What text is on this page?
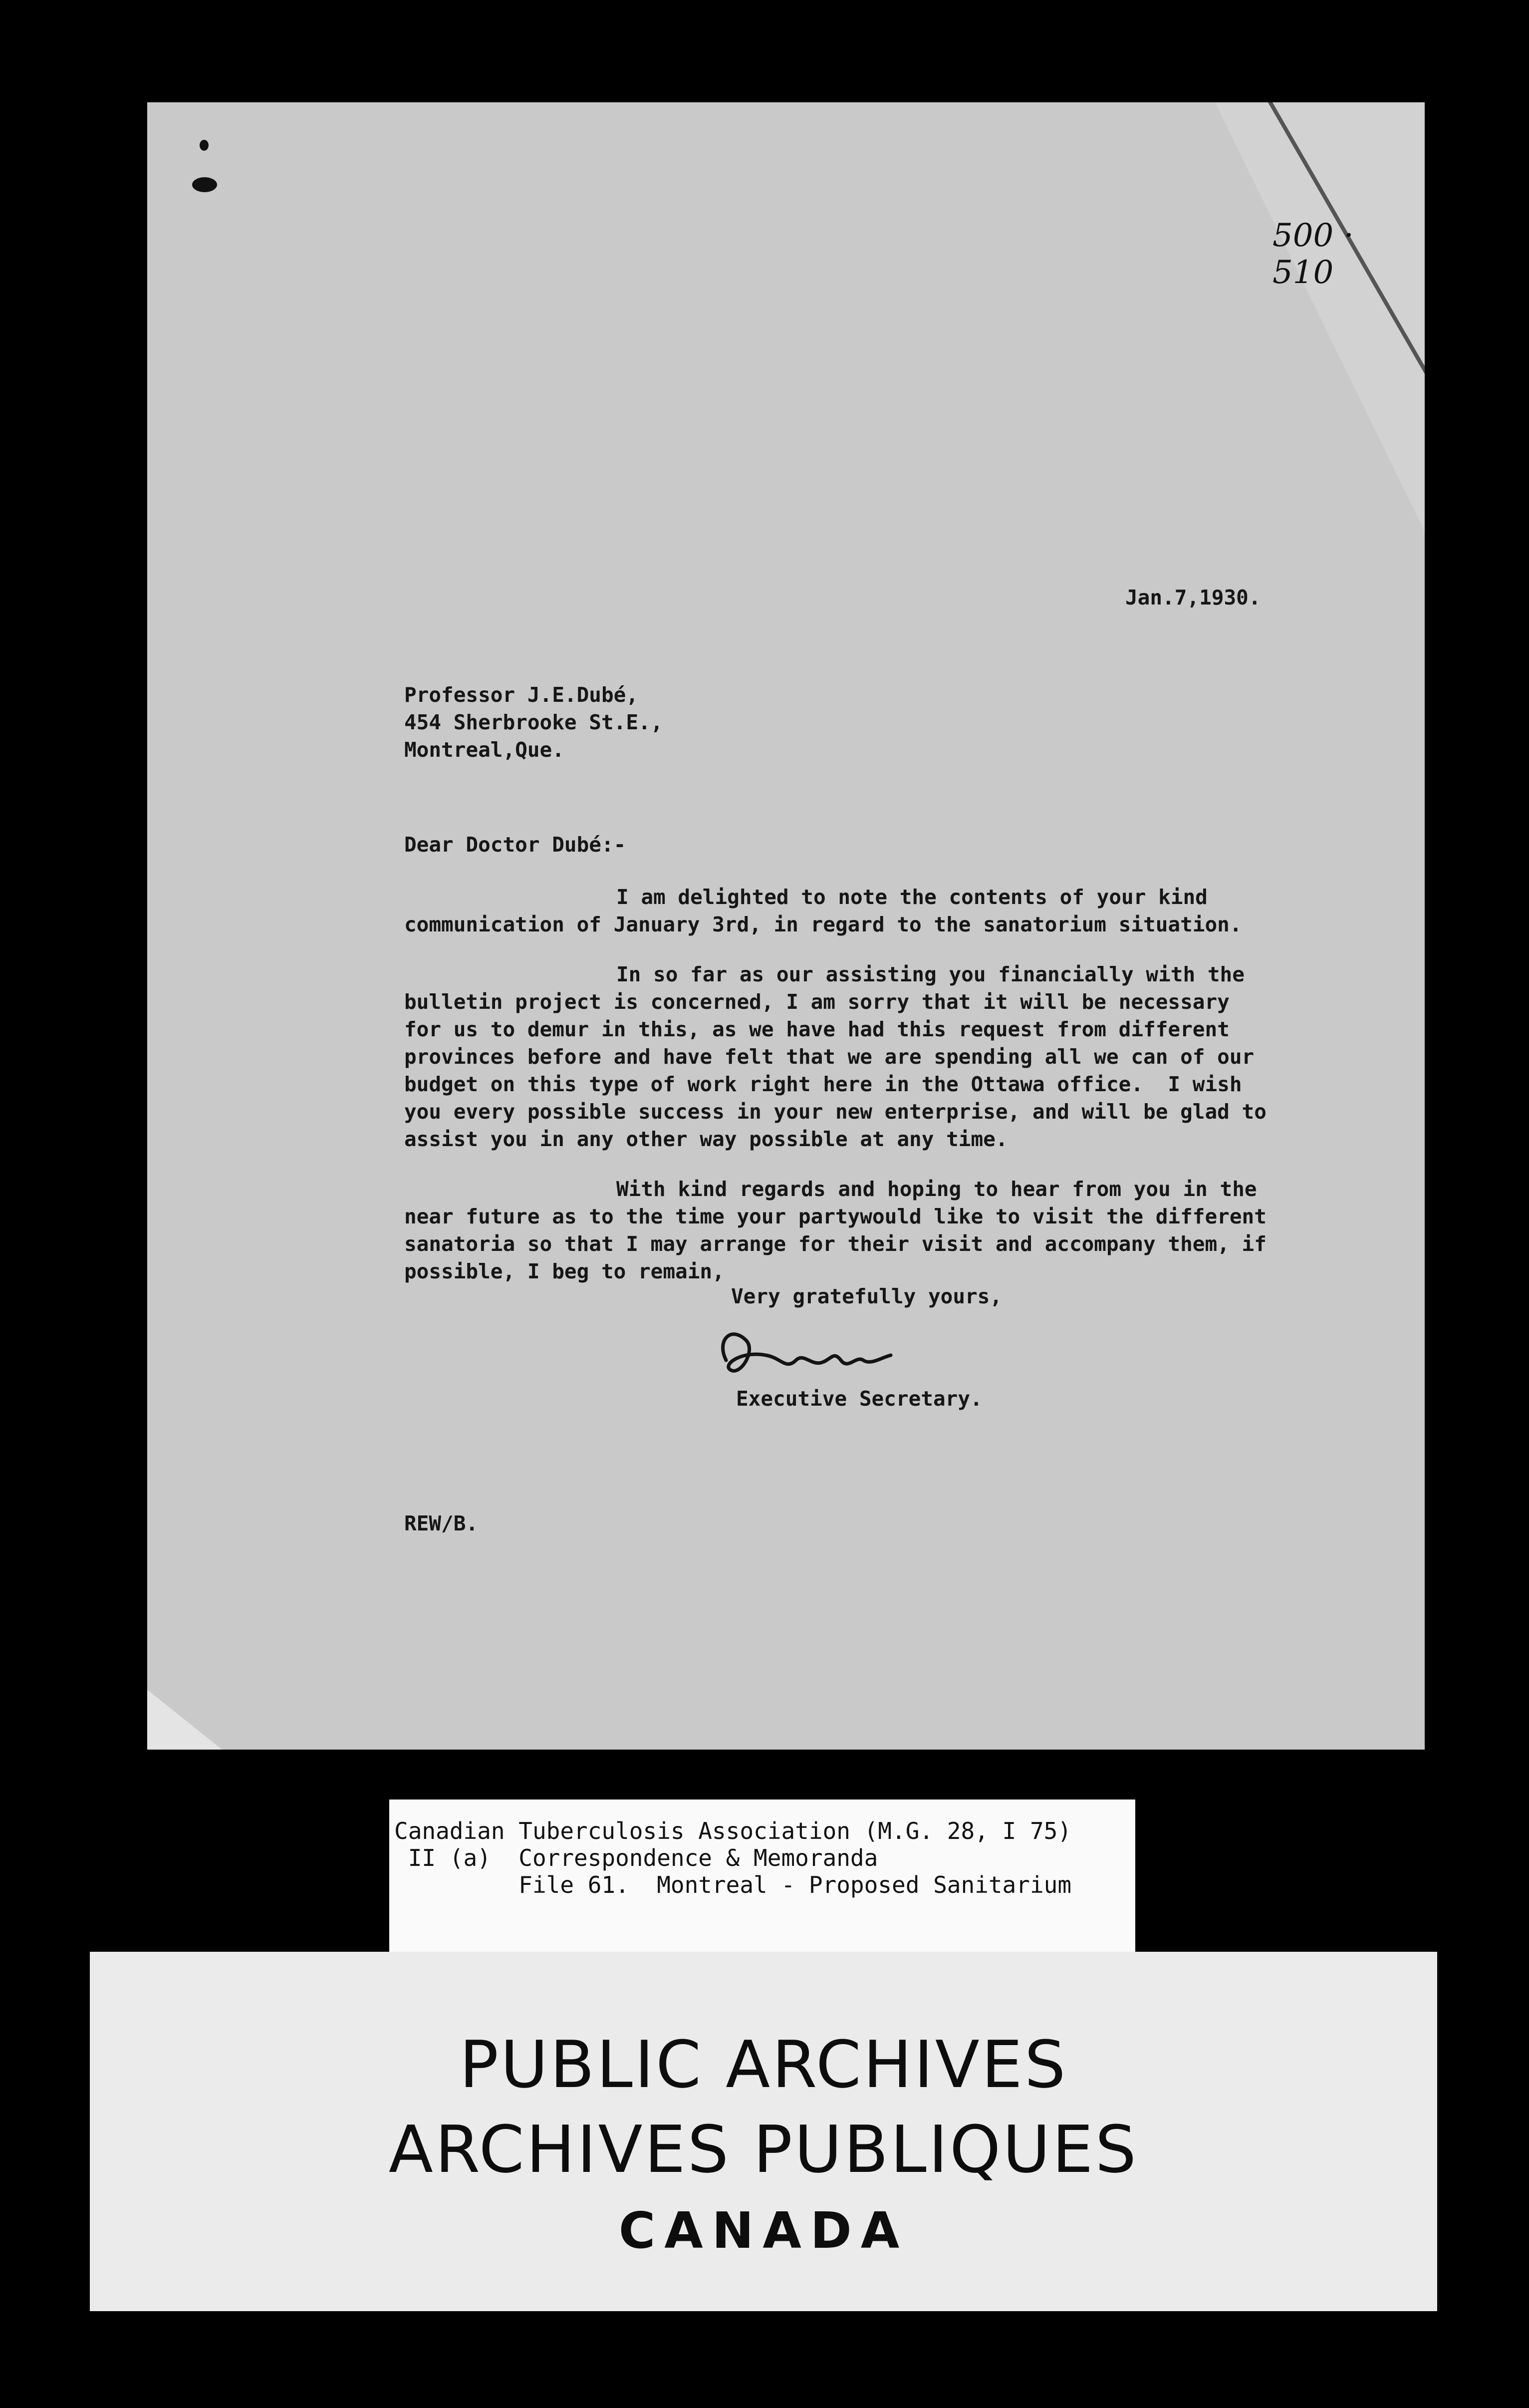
500 · 510
Jan.7,1930.
Professor J.E.Dubé,
454 Sherbrooke St.E.,
Montreal,Que.
Dear Doctor Dubé:-
I am delighted to note the contents of your kind
communication of January 3rd, in regard to the sanatorium situation.
In so far as our assisting you financially with the
bulletin project is concerned, I am sorry that it will be necessary
for us to demur in this, as we have had this request from different
provinces before and have felt that we are spending all we can of our
budget on this type of work right here in the Ottawa office.  I wish
you every possible success in your new enterprise, and will be glad to
assist you in any other way possible at any time.
With kind regards and hoping to hear from you in the
near future as to the time your partywould like to visit the different
sanatoria so that I may arrange for their visit and accompany them, if
possible, I beg to remain,
Very gratefully yours,
Executive Secretary.
REW/B.
Canadian Tuberculosis Association (M.G. 28, I 75)
II (a)  Correspondence & Memoranda
File 61.  Montreal - Proposed Sanitarium
PUBLIC ARCHIVES
ARCHIVES PUBLIQUES
CANADA
